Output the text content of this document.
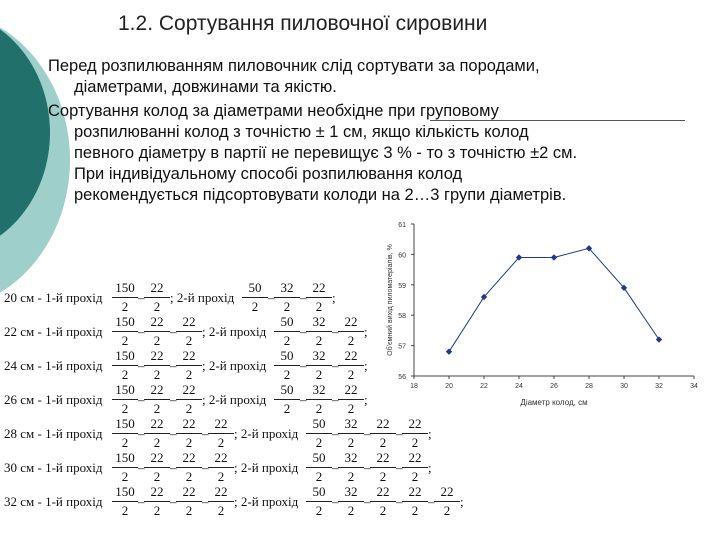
1.2. Сортування пиловочної сировини
Перед розпилюванням пиловочник слід сортувати за породами,
діаметрами, довжинами та якістю.
Сортування колод за діаметрами необхідне при груповому
розпилюванні колод з точністю ± 1 см, якщо кількість колод
певного діаметру в партії не перевищує 3 % - то з точністю ±2 см.
При індивідуальному способі розпилювання колод
рекомендується підсортовувати колоди на 2…3 групи діаметрів.
20 см - 1-й прохід $\frac{150}{2} - \frac{22}{2}$ ; 2-й прохід $\frac{50}{2} - \frac{32}{2} - \frac{22}{2}$ ;
22 см - 1-й прохід $\frac{150}{2} - \frac{22}{2} - \frac{22}{2}$ ; 2-й прохід $\frac{50}{2} - \frac{32}{2} - \frac{22}{2}$ ;
24 см - 1-й прохід $\frac{150}{2} - \frac{22}{2} - \frac{22}{2}$ ; 2-й прохід $\frac{50}{2} - \frac{32}{2} - \frac{22}{2}$ ;
26 см - 1-й прохід $\frac{150}{2} - \frac{22}{2} - \frac{22}{2}$ ; 2-й прохід $\frac{50}{2} - \frac{32}{2} - \frac{22}{2}$ ;
28 см - 1-й прохід $\frac{150}{2} - \frac{22}{2} - \frac{22}{2} - \frac{22}{2}$ ; 2-й прохід $\frac{50}{2} - \frac{32}{2} - \frac{22}{2} - \frac{22}{2}$ ;
30 см - 1-й прохід $\frac{150}{2} - \frac{22}{2} - \frac{22}{2} - \frac{22}{2}$ ; 2-й прохід $\frac{50}{2} - \frac{32}{2} - \frac{22}{2} - \frac{22}{2}$ ;
32 см - 1-й прохід $\frac{150}{2} - \frac{22}{2} - \frac{22}{2} - \frac{22}{2}$ ; 2-й прохід $\frac{50}{2} - \frac{32}{2} - \frac{22}{2} - \frac{22}{2} - \frac{22}{2}$ ;
56
57
58
59
60
61
18	20	22	24	26	28	30	32	34
Діаметр колод, см
Об'ємний вихід пиломатеріалів, %
